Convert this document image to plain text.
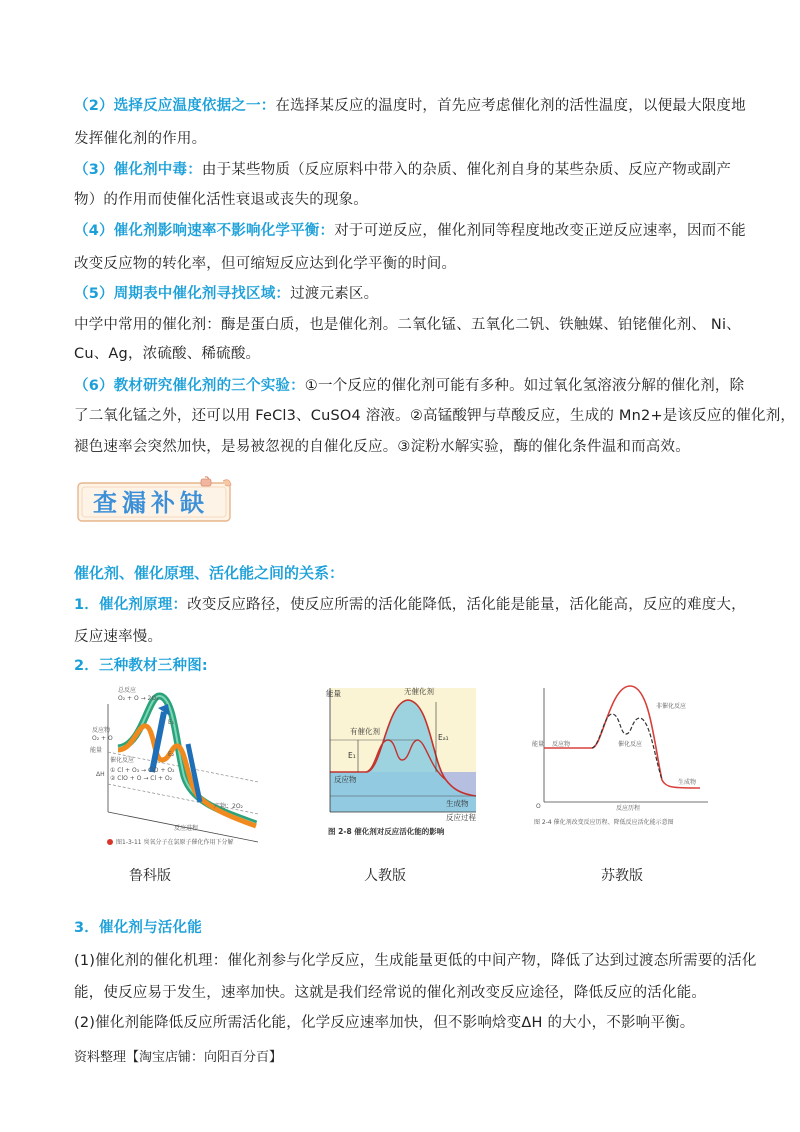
（2）选择反应温度依据之一：在选择某反应的温度时，首先应考虑催化剂的活性温度，以便最大限度地
发挥催化剂的作用。
（3）催化剂中毒：由于某些物质（反应原料中带入的杂质、催化剂自身的某些杂质、反应产物或副产
物）的作用而使催化活性衰退或丧失的现象。
（4）催化剂影响速率不影响化学平衡：对于可逆反应，催化剂同等程度地改变正逆反应速率，因而不能
改变反应物的转化率，但可缩短反应达到化学平衡的时间。
（5）周期表中催化剂寻找区域：过渡元素区。
中学中常用的催化剂：酶是蛋白质，也是催化剂。二氧化锰、五氧化二钒、铁触媒、铂铑催化剂、 Ni、
Cu、Ag，浓硫酸、稀硫酸。
（6）教材研究催化剂的三个实验：①一个反应的催化剂可能有多种。如过氧化氢溶液分解的催化剂，除
了二氧化锰之外，还可以用 FeCl3、CuSO4 溶液。②高锰酸钾与草酸反应，生成的 Mn2+是该反应的催化剂，
褪色速率会突然加快，是易被忽视的自催化反应。③淀粉水解实验，酶的催化条件温和而高效。
查漏补缺
催化剂、催化原理、活化能之间的关系：
1．催化剂原理：改变反应路径，使反应所需的活化能降低，活化能是能量，活化能高，反应的难度大，
反应速率慢。
2．三种教材三种图:
总反应
O₂ + O → 2O₃
反应物
O₂ + O
能量
催化反应
① Cl + O₃ → ClO + O₂
② ClO + O → Cl + O₂
ΔH
E₁
E₂
产物：2O₂
反应进程
图1-3-11 臭氧分子在氯原子催化作用下分解
能量	无催化剂
有催化剂
Eₐ₁
E₁
反应物
生成物
反应过程
图 2-8 催化剂对反应活化能的影响
能量 反应物
生成物
非催化反应
催化反应
O	反应历程
图 2-4 催化剂改变反应历程、降低反应活化能示意图
鲁科版	人教版	苏教版
3．催化剂与活化能
(1)催化剂的催化机理：催化剂参与化学反应，生成能量更低的中间产物，降低了达到过渡态所需要的活化
能，使反应易于发生，速率加快。这就是我们经常说的催化剂改变反应途径，降低反应的活化能。
(2)催化剂能降低反应所需活化能，化学反应速率加快，但不影响焓变ΔH 的大小，不影响平衡。
资料整理【淘宝店铺：向阳百分百】
